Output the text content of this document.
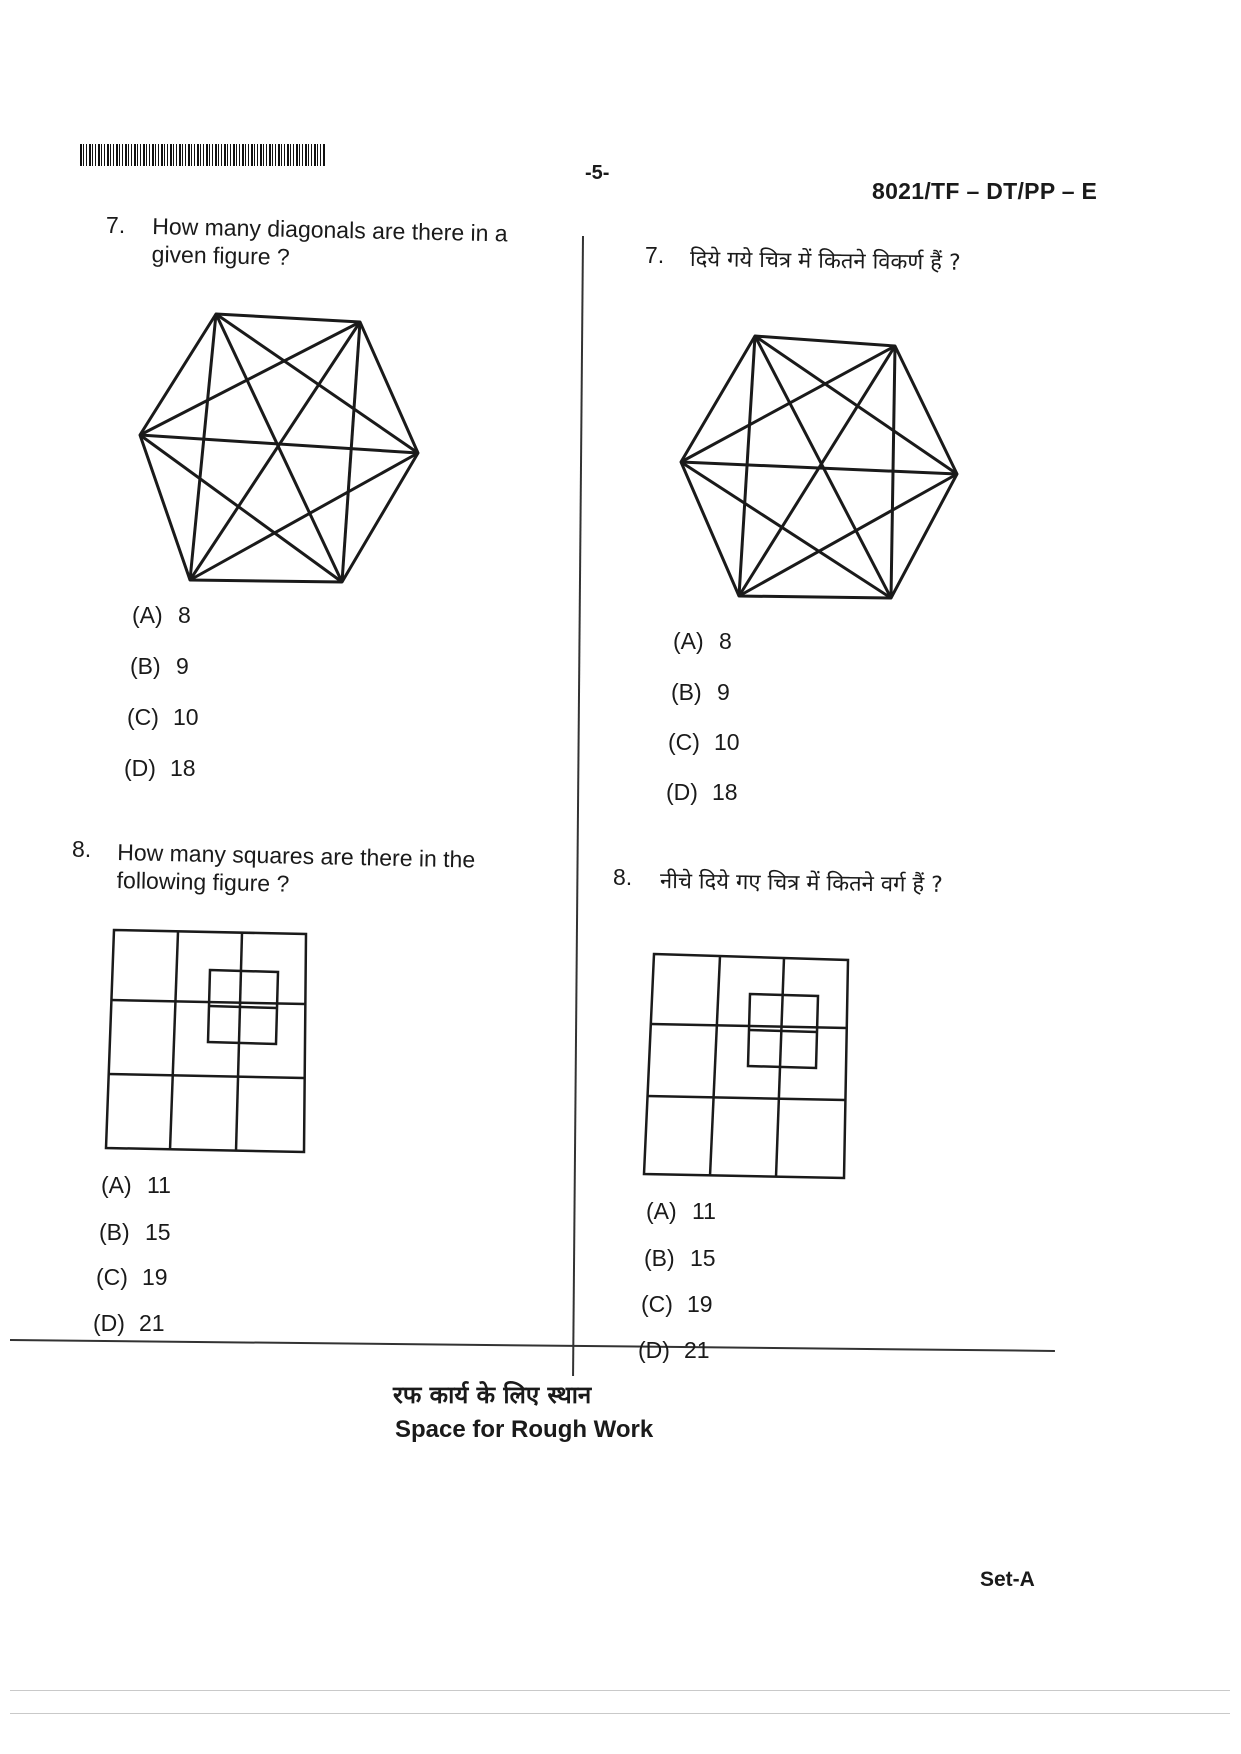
-5-
8021/TF – DT/PP – E
7. How many diagonals are there in a
given figure ?
(A) 8
(B) 9
(C) 10
(D) 18
8. How many squares are there in the
following figure ?
(A) 11
(B) 15
(C) 19
(D) 21
7. दिये गये चित्र में कितने विकर्ण हैं ?
(A) 8
(B) 9
(C) 10
(D) 18
8. नीचे दिये गए चित्र में कितने वर्ग हैं ?
(A) 11
(B) 15
(C) 19
(D) 21
रफ कार्य के लिए स्थान
Space for Rough Work
Set-A
